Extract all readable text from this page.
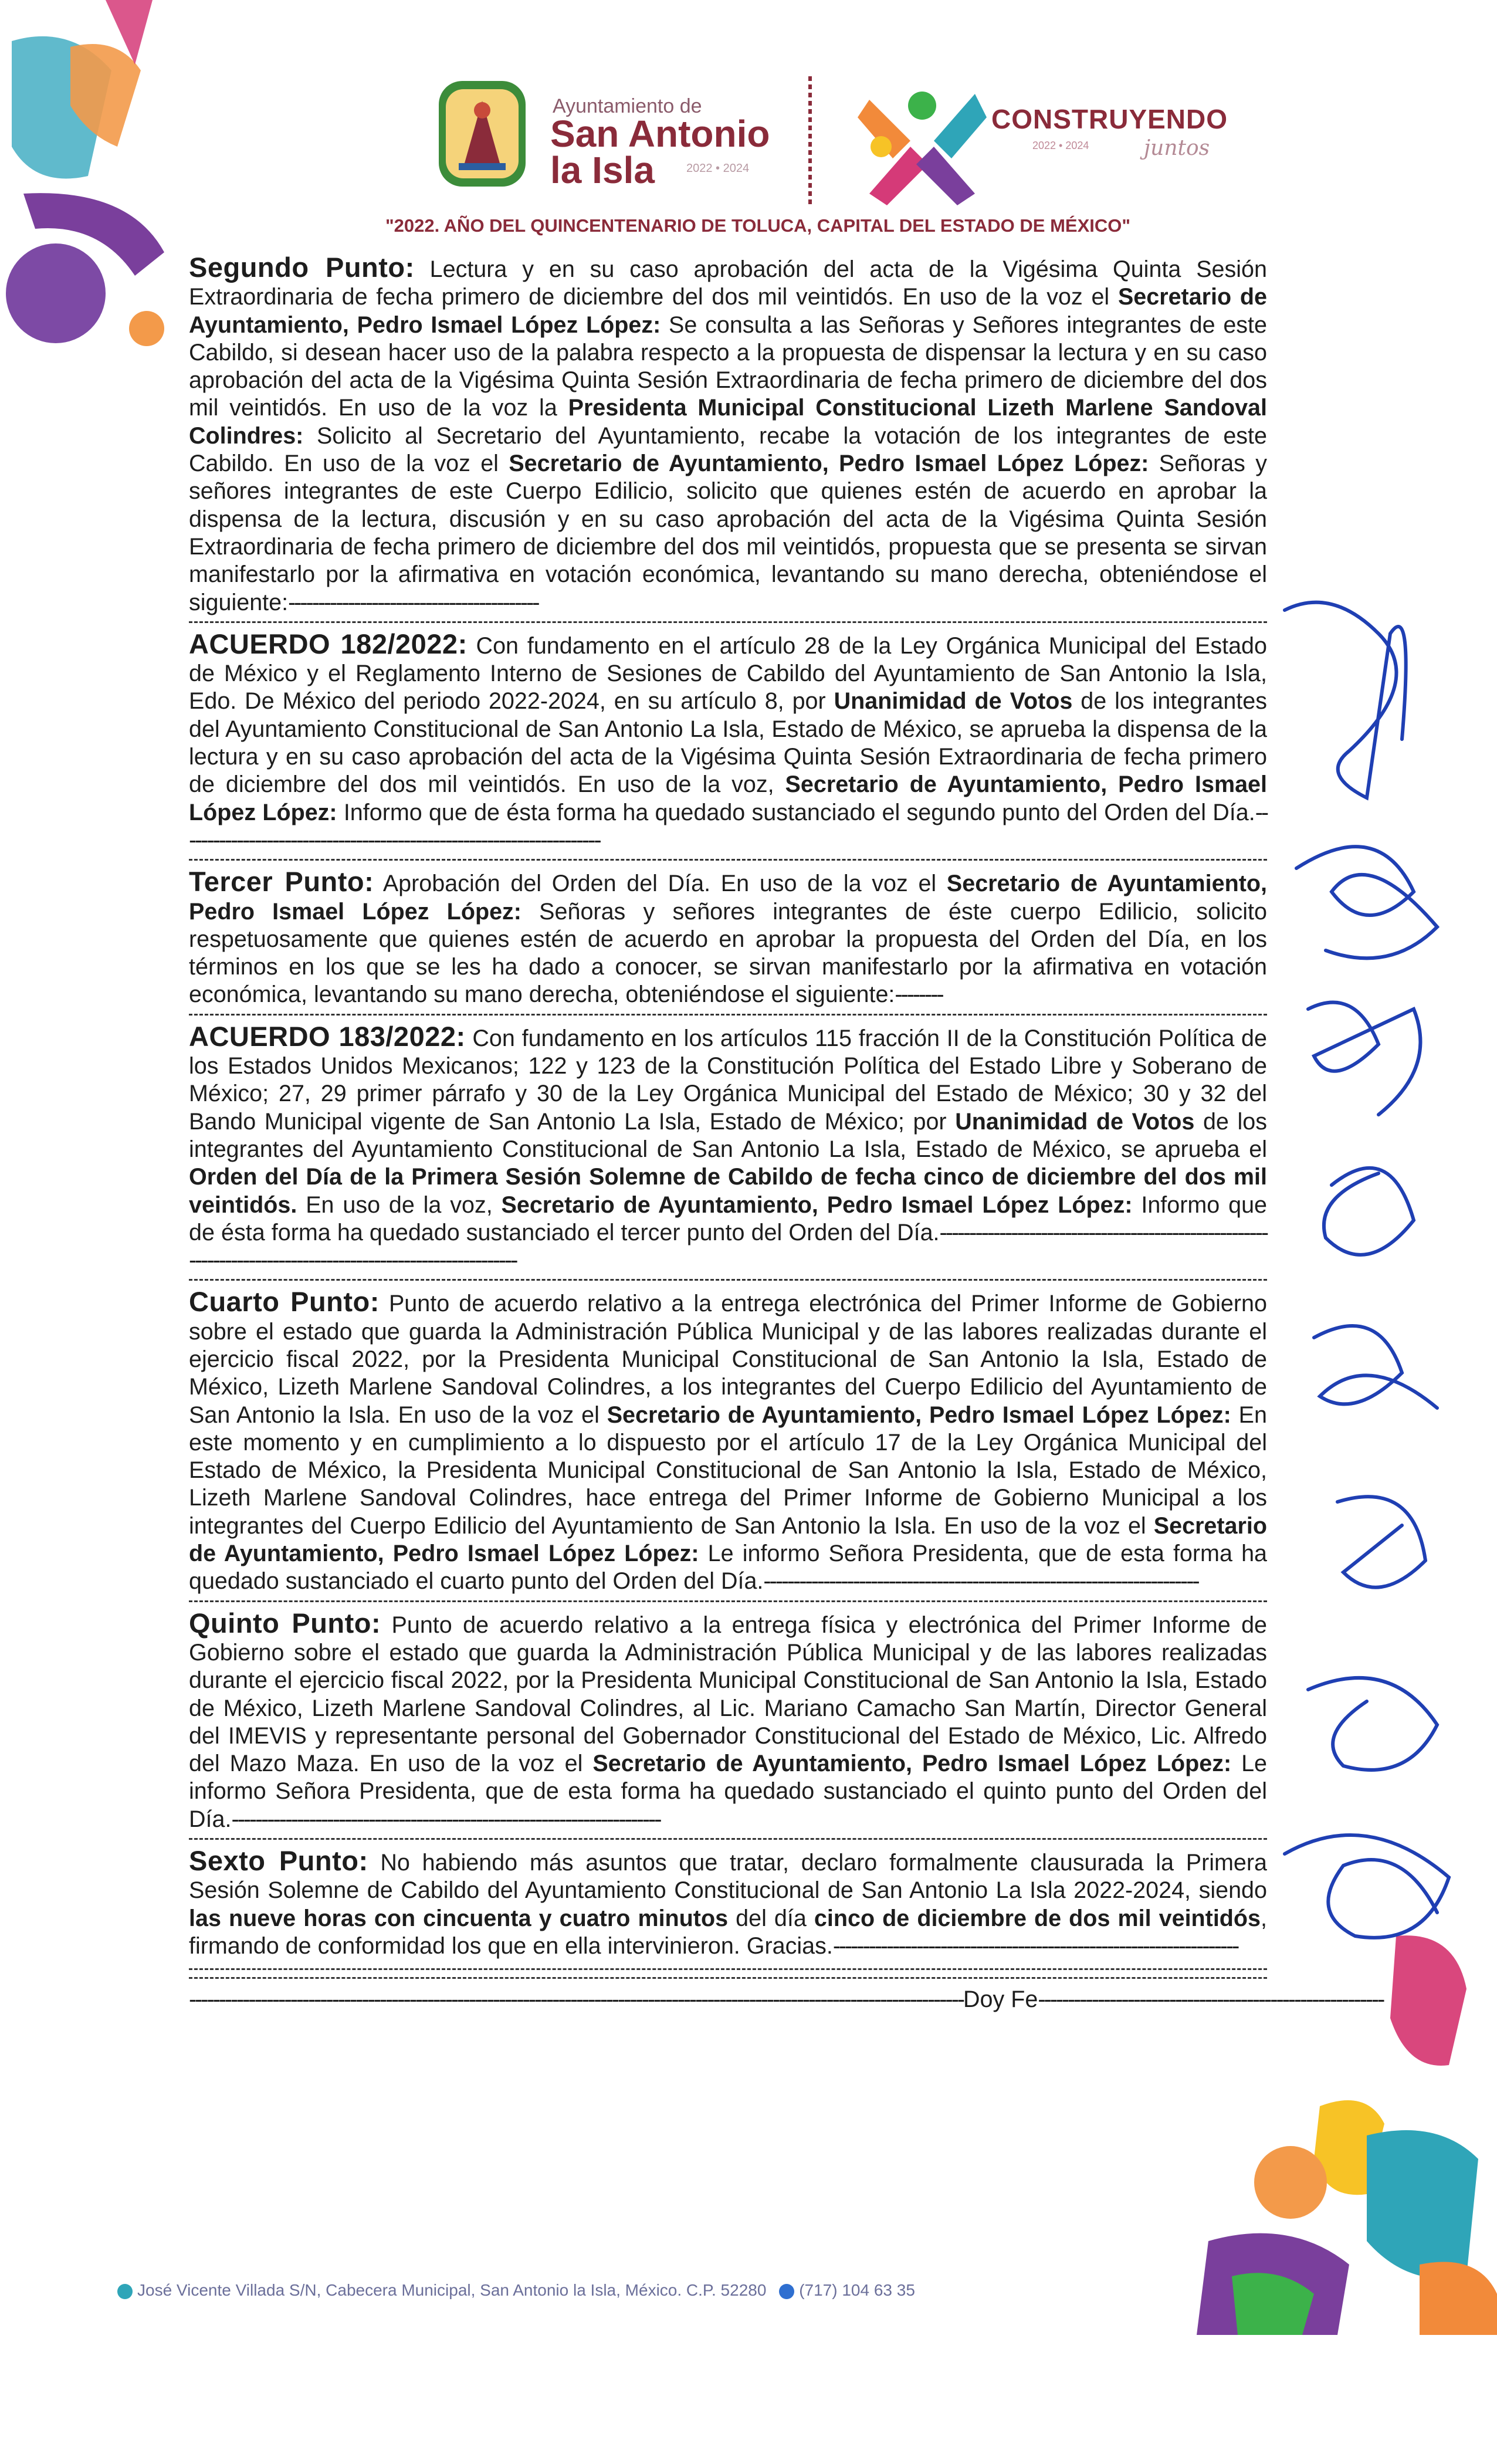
Ayuntamiento de
San Antonio
la Isla	2022 • 2024
CONSTRUYENDO
2022 • 2024	juntos
"2022. AÑO DEL QUINCENTENARIO DE TOLUCA, CAPITAL DEL ESTADO DE MÉXICO"

Segundo Punto: Lectura y en su caso aprobación del acta de la Vigésima Quinta Sesión Extraordinaria de fecha primero de diciembre del dos mil veintidós. En uso de la voz el Secretario de Ayuntamiento, Pedro Ismael López López: Se consulta a las Señoras y Señores integrantes de este Cabildo, si desean hacer uso de la palabra respecto a la propuesta de dispensar la lectura y en su caso aprobación del acta de la Vigésima Quinta Sesión Extraordinaria de fecha primero de diciembre del dos mil veintidós. En uso de la voz la Presidenta Municipal Constitucional Lizeth Marlene Sandoval Colindres: Solicito al Secretario del Ayuntamiento, recabe la votación de los integrantes de este Cabildo. En uso de la voz el Secretario de Ayuntamiento, Pedro Ismael López López: Señoras y señores integrantes de este Cuerpo Edilicio, solicito que quienes estén de acuerdo en aprobar la dispensa de la lectura, discusión y en su caso aprobación del acta de la Vigésima Quinta Sesión Extraordinaria de fecha primero de diciembre del dos mil veintidós, propuesta que se presenta se sirvan manifestarlo por la afirmativa en votación económica, levantando su mano derecha, obteniéndose el siguiente:------------------------------------------

ACUERDO 182/2022: Con fundamento en el artículo 28 de la Ley Orgánica Municipal del Estado de México y el Reglamento Interno de Sesiones de Cabildo del Ayuntamiento de San Antonio la Isla, Edo. De México del periodo 2022-2024, en su artículo 8, por Unanimidad de Votos de los integrantes del Ayuntamiento Constitucional de San Antonio La Isla, Estado de México, se aprueba la dispensa de la lectura y en su caso aprobación del acta de la Vigésima Quinta Sesión Extraordinaria de fecha primero de diciembre del dos mil veintidós. En uso de la voz, Secretario de Ayuntamiento, Pedro Ismael López López: Informo que de ésta forma ha quedado sustanciado el segundo punto del Orden del Día.-----------------------------------------------------------------------

Tercer Punto: Aprobación del Orden del Día. En uso de la voz el Secretario de Ayuntamiento, Pedro Ismael López López: Señoras y señores integrantes de éste cuerpo Edilicio, solicito respetuosamente que quienes estén de acuerdo en aprobar la propuesta del Orden del Día, en los términos en los que se les ha dado a conocer, se sirvan manifestarlo por la afirmativa en votación económica, levantando su mano derecha, obteniéndose el siguiente:--------

ACUERDO 183/2022: Con fundamento en los artículos 115 fracción II de la Constitución Política de los Estados Unidos Mexicanos; 122 y 123 de la Constitución Política del Estado Libre y Soberano de México; 27, 29 primer párrafo y 30 de la Ley Orgánica Municipal del Estado de México; 30 y 32 del Bando Municipal vigente de San Antonio La Isla, Estado de México; por Unanimidad de Votos de los integrantes del Ayuntamiento Constitucional de San Antonio La Isla, Estado de México, se aprueba el Orden del Día de la Primera Sesión Solemne de Cabildo de fecha cinco de diciembre del dos mil veintidós. En uso de la voz, Secretario de Ayuntamiento, Pedro Ismael López López: Informo que de ésta forma ha quedado sustanciado el tercer punto del Orden del Día.--------------------------------------------------------------------------------------------------------------

Cuarto Punto: Punto de acuerdo relativo a la entrega electrónica del Primer Informe de Gobierno sobre el estado que guarda la Administración Pública Municipal y de las labores realizadas durante el ejercicio fiscal 2022, por la Presidenta Municipal Constitucional de San Antonio la Isla, Estado de México, Lizeth Marlene Sandoval Colindres, a los integrantes del Cuerpo Edilicio del Ayuntamiento de San Antonio la Isla. En uso de la voz el Secretario de Ayuntamiento, Pedro Ismael López López: En este momento y en cumplimiento a lo dispuesto por el artículo 17 de la Ley Orgánica Municipal del Estado de México, la Presidenta Municipal Constitucional de San Antonio la Isla, Estado de México, Lizeth Marlene Sandoval Colindres, hace entrega del Primer Informe de Gobierno Municipal a los integrantes del Cuerpo Edilicio del Ayuntamiento de San Antonio la Isla. En uso de la voz el Secretario de Ayuntamiento, Pedro Ismael López López: Le informo Señora Presidenta, que de esta forma ha quedado sustanciado el cuarto punto del Orden del Día.-------------------------------------------------------------------------

Quinto Punto: Punto de acuerdo relativo a la entrega física y electrónica del Primer Informe de Gobierno sobre el estado que guarda la Administración Pública Municipal y de las labores realizadas durante el ejercicio fiscal 2022, por la Presidenta Municipal Constitucional de San Antonio la Isla, Estado de México, Lizeth Marlene Sandoval Colindres, al Lic. Mariano Camacho San Martín, Director General del IMEVIS y representante personal del Gobernador Constitucional del Estado de México, Lic. Alfredo del Mazo Maza. En uso de la voz el Secretario de Ayuntamiento, Pedro Ismael López López: Le informo Señora Presidenta, que de esta forma ha quedado sustanciado el quinto punto del Orden del Día.------------------------------------------------------------------------

Sexto Punto: No habiendo más asuntos que tratar, declaro formalmente clausurada la Primera Sesión Solemne de Cabildo del Ayuntamiento Constitucional de San Antonio La Isla 2022-2024, siendo las nueve horas con cincuenta y cuatro minutos del día cinco de diciembre de dos mil veintidós, firmando de conformidad los que en ella intervinieron. Gracias.--------------------------------------------------------------------

----------------------------------------------------------------------------------------------------------------------------------Doy Fe----------------------------------------------------------

José Vicente Villada S/N, Cabecera Municipal, San Antonio la Isla, México. C.P. 52280 (717) 104 63 35
